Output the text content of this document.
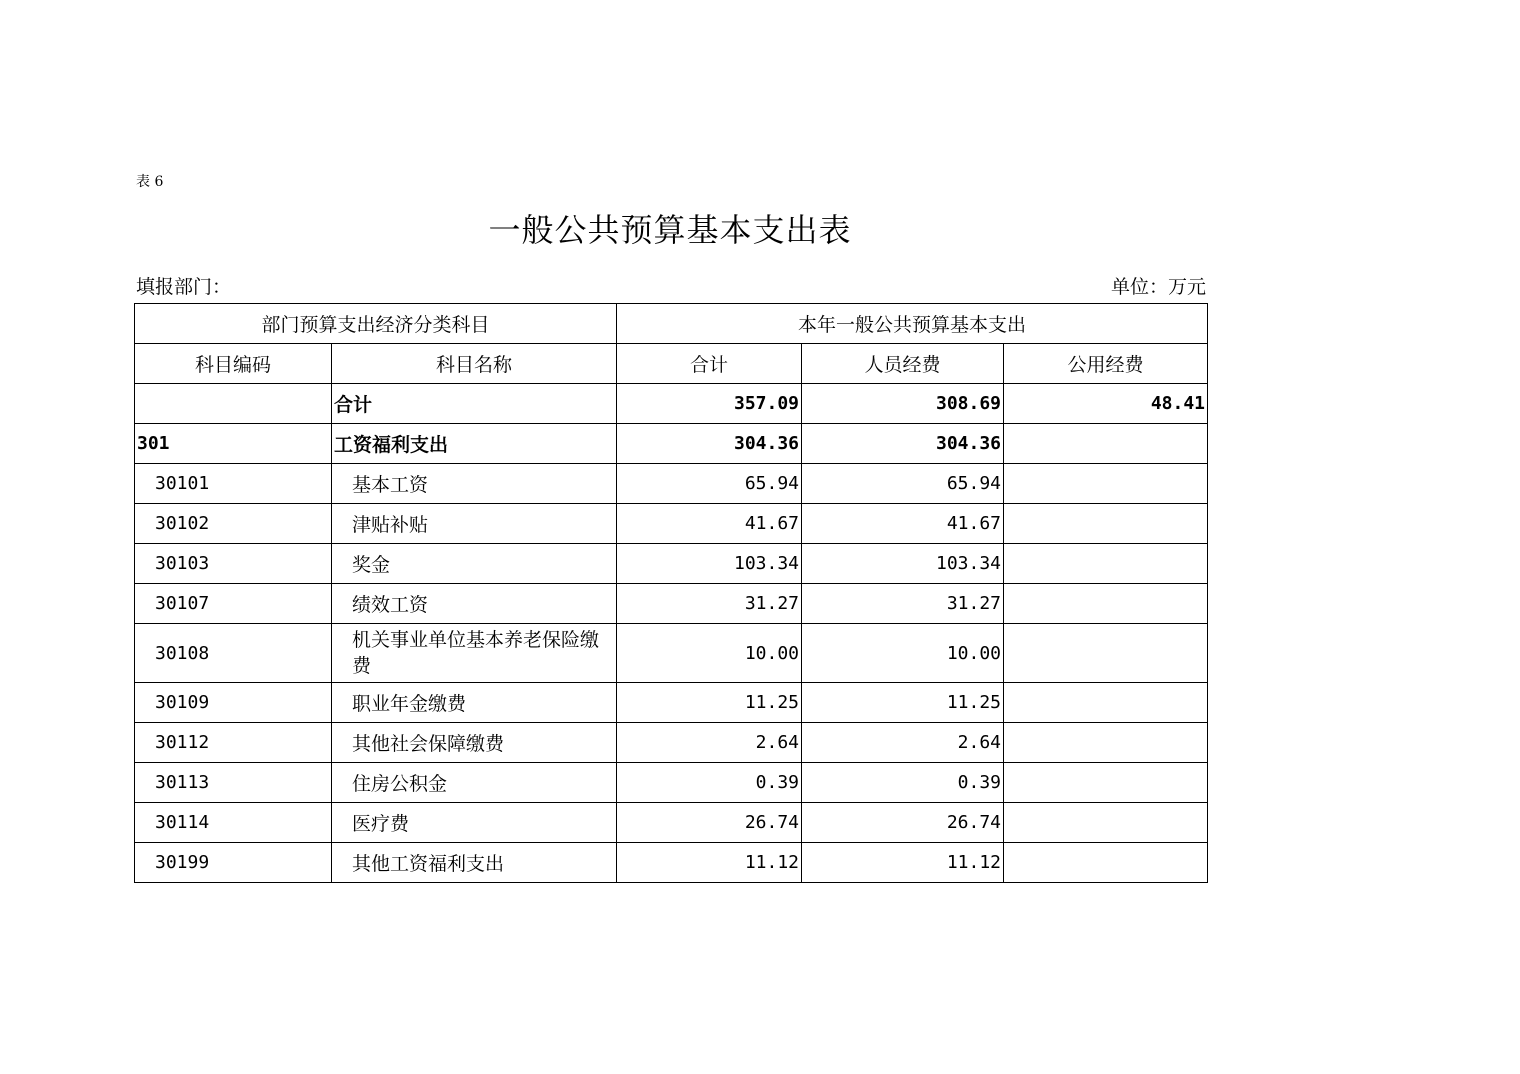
表 6
一般公共预算基本支出表
填报部门：	单位：万元
部门预算支出经济分类科目		本年一般公共预算基本支出		
科目编码	科目名称	合计	人员经费	公用经费
	合计	357.09	308.69	48.41
301	工资福利支出	304.36	304.36	
30101	基本工资	65.94	65.94	
30102	津贴补贴	41.67	41.67	
30103	奖金	103.34	103.34	
30107	绩效工资	31.27	31.27	
30108	机关事业单位基本养老保险缴费	10.00	10.00	
30109	职业年金缴费	11.25	11.25	
30112	其他社会保障缴费	2.64	2.64	
30113	住房公积金	0.39	0.39	
30114	医疗费	26.74	26.74	
30199	其他工资福利支出	11.12	11.12	
